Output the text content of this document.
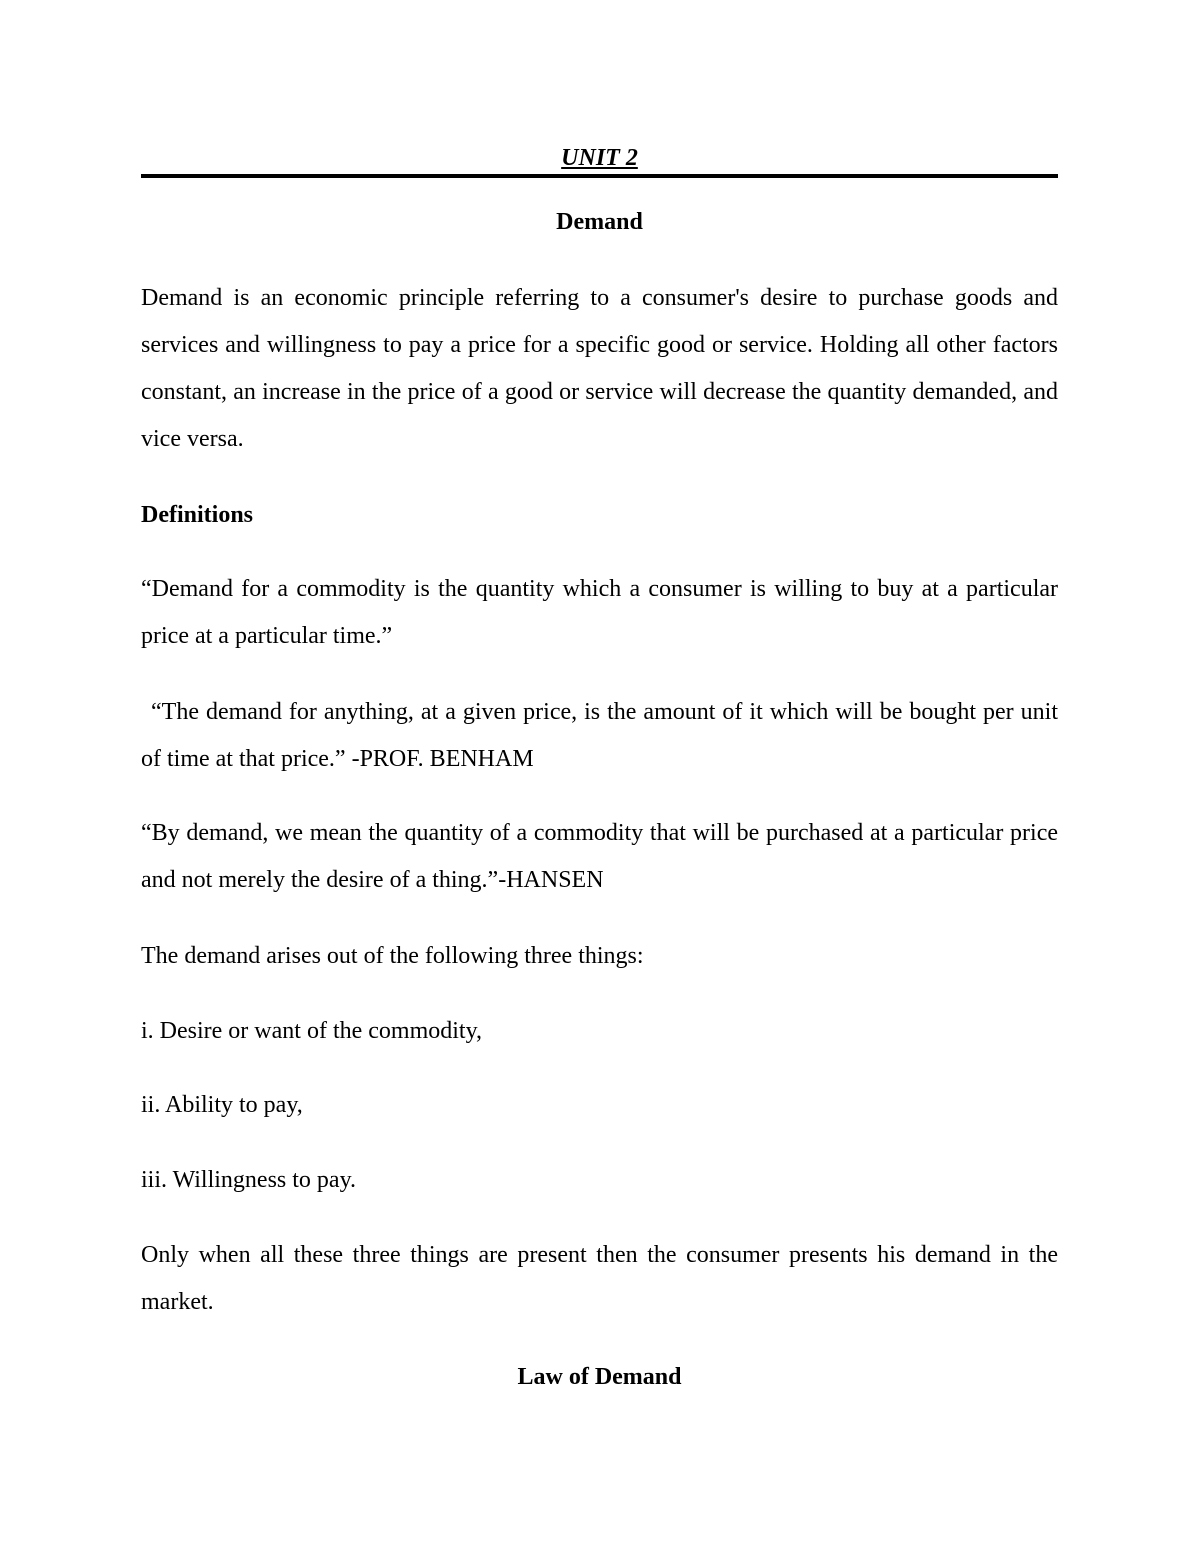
UNIT 2
Demand

Demand is an economic principle referring to a consumer's desire to purchase goods and services and willingness to pay a price for a specific good or service. Holding all other factors constant, an increase in the price of a good or service will decrease the quantity demanded, and vice versa.

Definitions

“Demand for a commodity is the quantity which a consumer is willing to buy at a particular price at a particular time.”

“The demand for anything, at a given price, is the amount of it which will be bought per unit of time at that price.” -PROF. BENHAM

“By demand, we mean the quantity of a commodity that will be purchased at a particular price and not merely the desire of a thing.”-HANSEN

The demand arises out of the following three things:

i. Desire or want of the commodity,

ii. Ability to pay,

iii. Willingness to pay.

Only when all these three things are present then the consumer presents his demand in the market.

Law of Demand
